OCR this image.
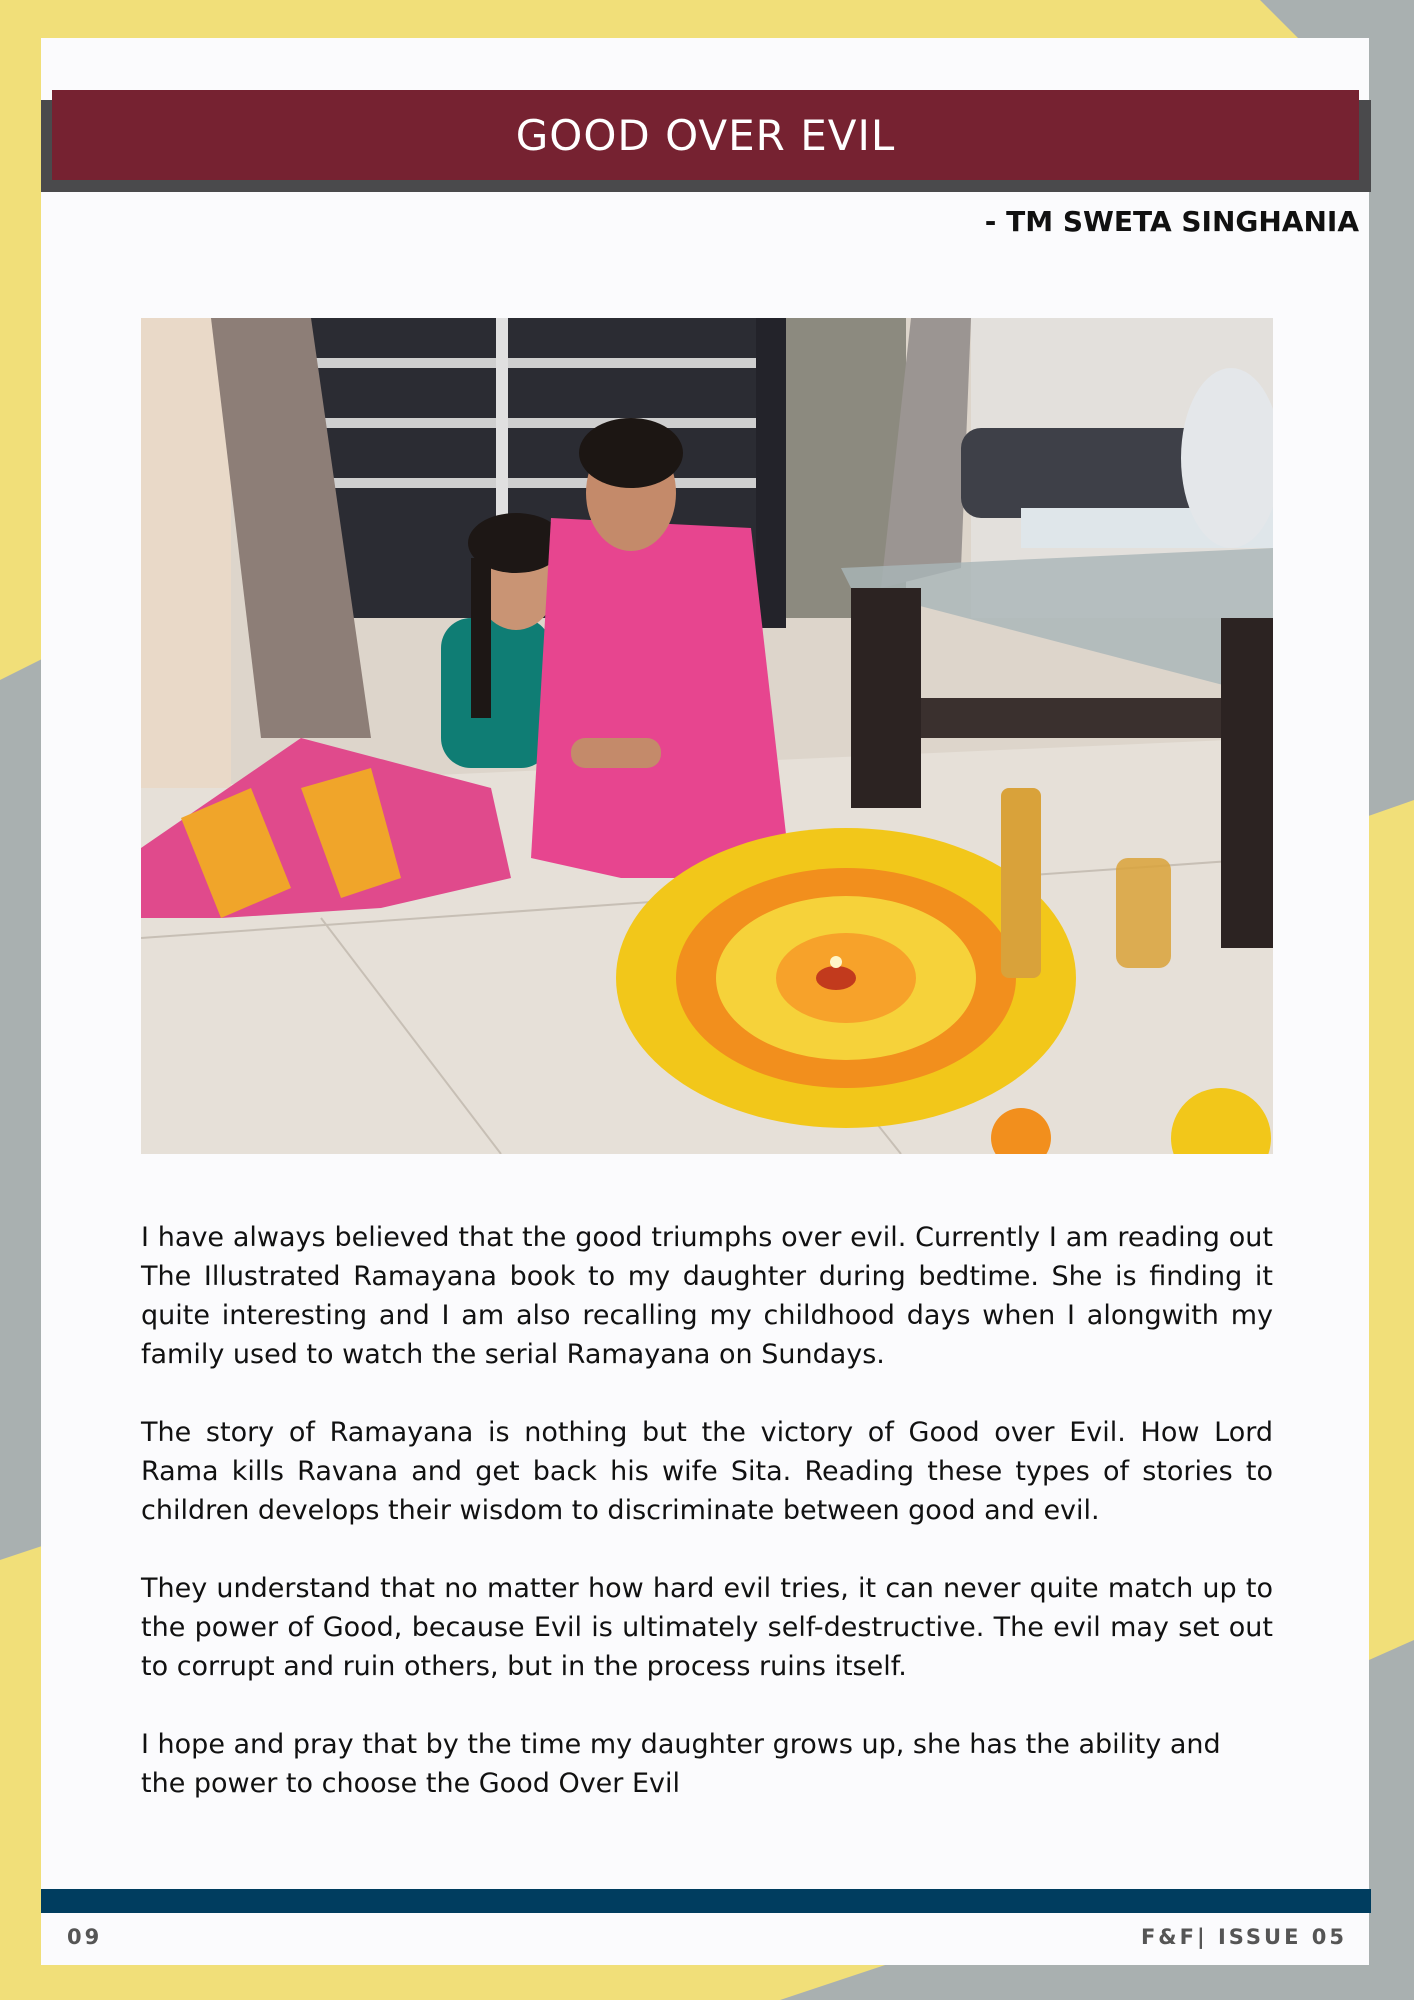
GOOD OVER EVIL
- TM SWETA SINGHANIA

I have always believed that the good triumphs over evil. Currently I am reading out The Illustrated Ramayana book to my daughter during bedtime. She is finding it quite interesting and I am also recalling my childhood days when I alongwith my family used to watch the serial Ramayana on Sundays.

The story of Ramayana is nothing but the victory of Good over Evil. How Lord Rama kills Ravana and get back his wife Sita. Reading these types of stories to children develops their wisdom to discriminate between good and evil.

They understand that no matter how hard evil tries, it can never quite match up to the power of Good, because Evil is ultimately self-destructive. The evil may set out to corrupt and ruin others, but in the process ruins itself.

I hope and pray that by the time my daughter grows up, she has the ability and the power to choose the Good Over Evil

09	F&F| ISSUE 05
